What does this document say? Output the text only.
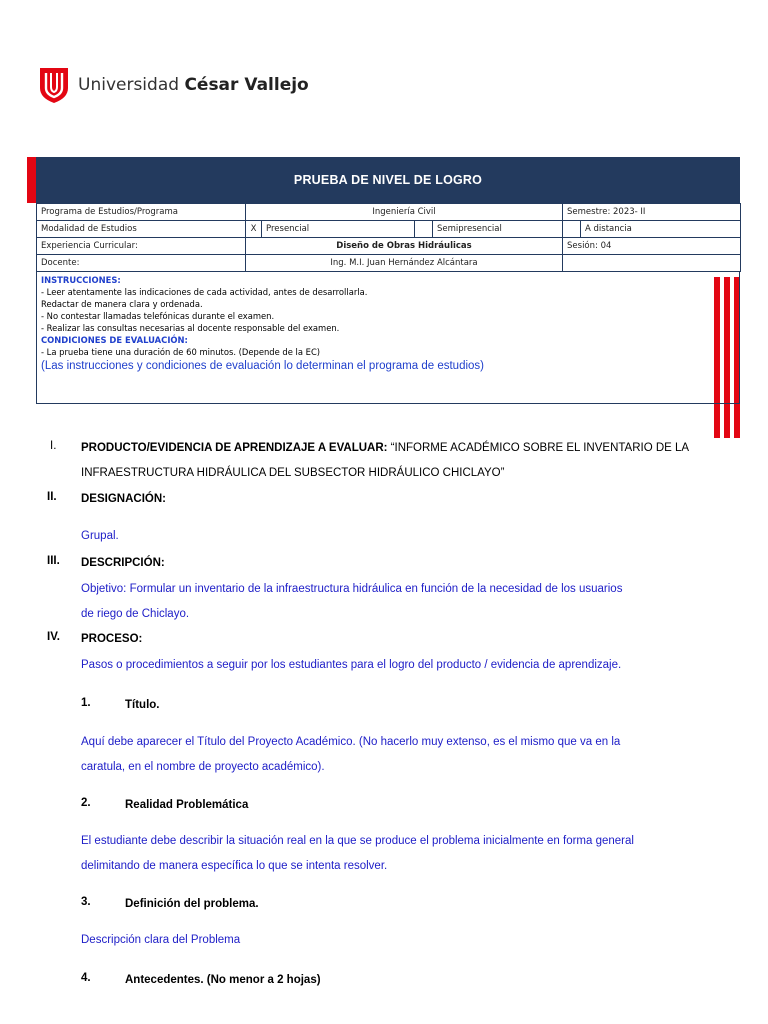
Universidad César Vallejo
PRUEBA DE NIVEL DE LOGRO
Programa de Estudios/Programa	Ingeniería Civil				Semestre: 2023- II	
Modalidad de Estudios	X	Presencial		Semipresencial		A distancia
Experiencia Curricular:	Diseño de Obras Hidráulicas				Sesión: 04	
Docente:	Ing. M.I. Juan Hernández Alcántara					
INSTRUCCIONES:
- Leer atentamente las indicaciones de cada actividad, antes de desarrollarla.
Redactar de manera clara y ordenada.
- No contestar llamadas telefónicas durante el examen.
- Realizar las consultas necesarias al docente responsable del examen.
CONDICIONES DE EVALUACIÓN:
- La prueba tiene una duración de 60 minutos. (Depende de la EC)
(Las instrucciones y condiciones de evaluación lo determinan el programa de estudios)
I. PRODUCTO/EVIDENCIA DE APRENDIZAJE A EVALUAR: “INFORME ACADÉMICO SOBRE EL INVENTARIO DE LA
INFRAESTRUCTURA HIDRÁULICA DEL SUBSECTOR HIDRÁULICO CHICLAYO”
II. DESIGNACIÓN:
Grupal.
III. DESCRIPCIÓN:
Objetivo: Formular un inventario de la infraestructura hidráulica en función de la necesidad de los usuarios
de riego de Chiclayo.
IV. PROCESO:
Pasos o procedimientos a seguir por los estudiantes para el logro del producto / evidencia de aprendizaje.
1.	Título.
Aquí debe aparecer el Título del Proyecto Académico. (No hacerlo muy extenso, es el mismo que va en la
caratula, en el nombre de proyecto académico).
2.	Realidad Problemática
El estudiante debe describir la situación real en la que se produce el problema inicialmente en forma general
delimitando de manera específica lo que se intenta resolver.
3.	Definición del problema.
Descripción clara del Problema
4.	Antecedentes. (No menor a 2 hojas)
